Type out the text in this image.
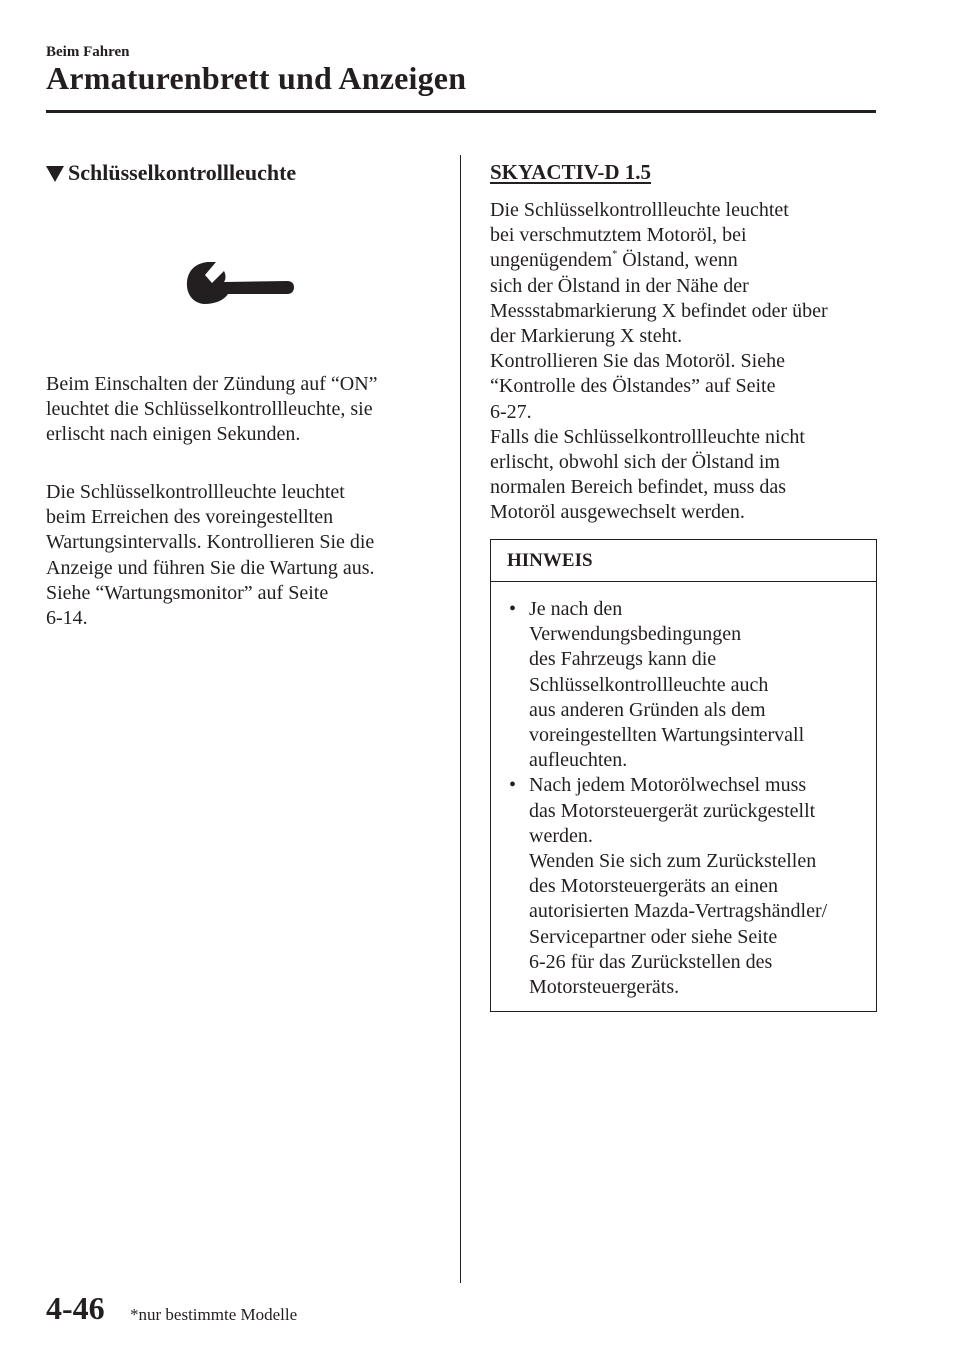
Beim Fahren
Armaturenbrett und Anzeigen
Schlüsselkontrollleuchte
Beim Einschalten der Zündung auf “ON”
leuchtet die Schlüsselkontrollleuchte, sie
erlischt nach einigen Sekunden.
Die Schlüsselkontrollleuchte leuchtet
beim Erreichen des voreingestellten
Wartungsintervalls. Kontrollieren Sie die
Anzeige und führen Sie die Wartung aus.
Siehe “Wartungsmonitor” auf Seite
6-14.
SKYACTIV-D 1.5
Die Schlüsselkontrollleuchte leuchtet
bei verschmutztem Motoröl, bei
ungenügendem* Ölstand, wenn
sich der Ölstand in der Nähe der
Messstabmarkierung X befindet oder über
der Markierung X steht.
Kontrollieren Sie das Motoröl. Siehe
“Kontrolle des Ölstandes” auf Seite
6-27.
Falls die Schlüsselkontrollleuchte nicht
erlischt, obwohl sich der Ölstand im
normalen Bereich befindet, muss das
Motoröl ausgewechselt werden.
HINWEIS
• Je nach den
Verwendungsbedingungen
des Fahrzeugs kann die
Schlüsselkontrollleuchte auch
aus anderen Gründen als dem
voreingestellten Wartungsintervall
aufleuchten.
• Nach jedem Motorölwechsel muss
das Motorsteuergerät zurückgestellt
werden.
Wenden Sie sich zum Zurückstellen
des Motorsteuergeräts an einen
autorisierten Mazda-Vertragshändler/
Servicepartner oder siehe Seite
6-26 für das Zurückstellen des
Motorsteuergeräts.
4-46 *nur bestimmte Modelle
